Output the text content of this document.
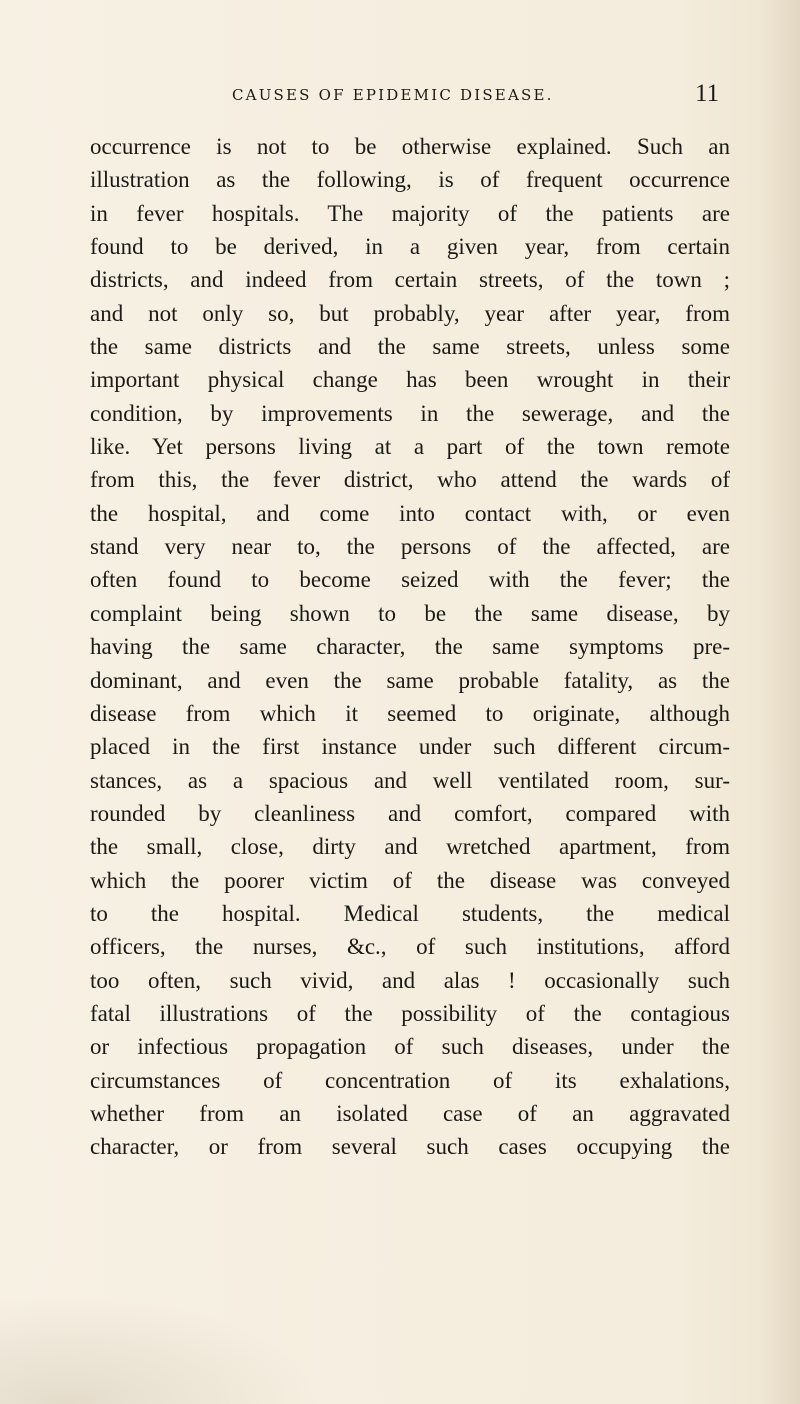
CAUSES OF EPIDEMIC DISEASE.	11
occurrence is not to be otherwise explained. Such an
illustration as the following, is of frequent occurrence
in fever hospitals. The majority of the patients are
found to be derived, in a given year, from certain
districts, and indeed from certain streets, of the town ;
and not only so, but probably, year after year, from
the same districts and the same streets, unless some
important physical change has been wrought in their
condition, by improvements in the sewerage, and the
like. Yet persons living at a part of the town remote
from this, the fever district, who attend the wards of
the hospital, and come into contact with, or even
stand very near to, the persons of the affected, are
often found to become seized with the fever; the
complaint being shown to be the same disease, by
having the same character, the same symptoms pre-
dominant, and even the same probable fatality, as the
disease from which it seemed to originate, although
placed in the first instance under such different circum-
stances, as a spacious and well ventilated room, sur-
rounded by cleanliness and comfort, compared with
the small, close, dirty and wretched apartment, from
which the poorer victim of the disease was conveyed
to the hospital. Medical students, the medical
officers, the nurses, &c., of such institutions, afford
too often, such vivid, and alas ! occasionally such
fatal illustrations of the possibility of the contagious
or infectious propagation of such diseases, under the
circumstances of concentration of its exhalations,
whether from an isolated case of an aggravated
character, or from several such cases occupying the
